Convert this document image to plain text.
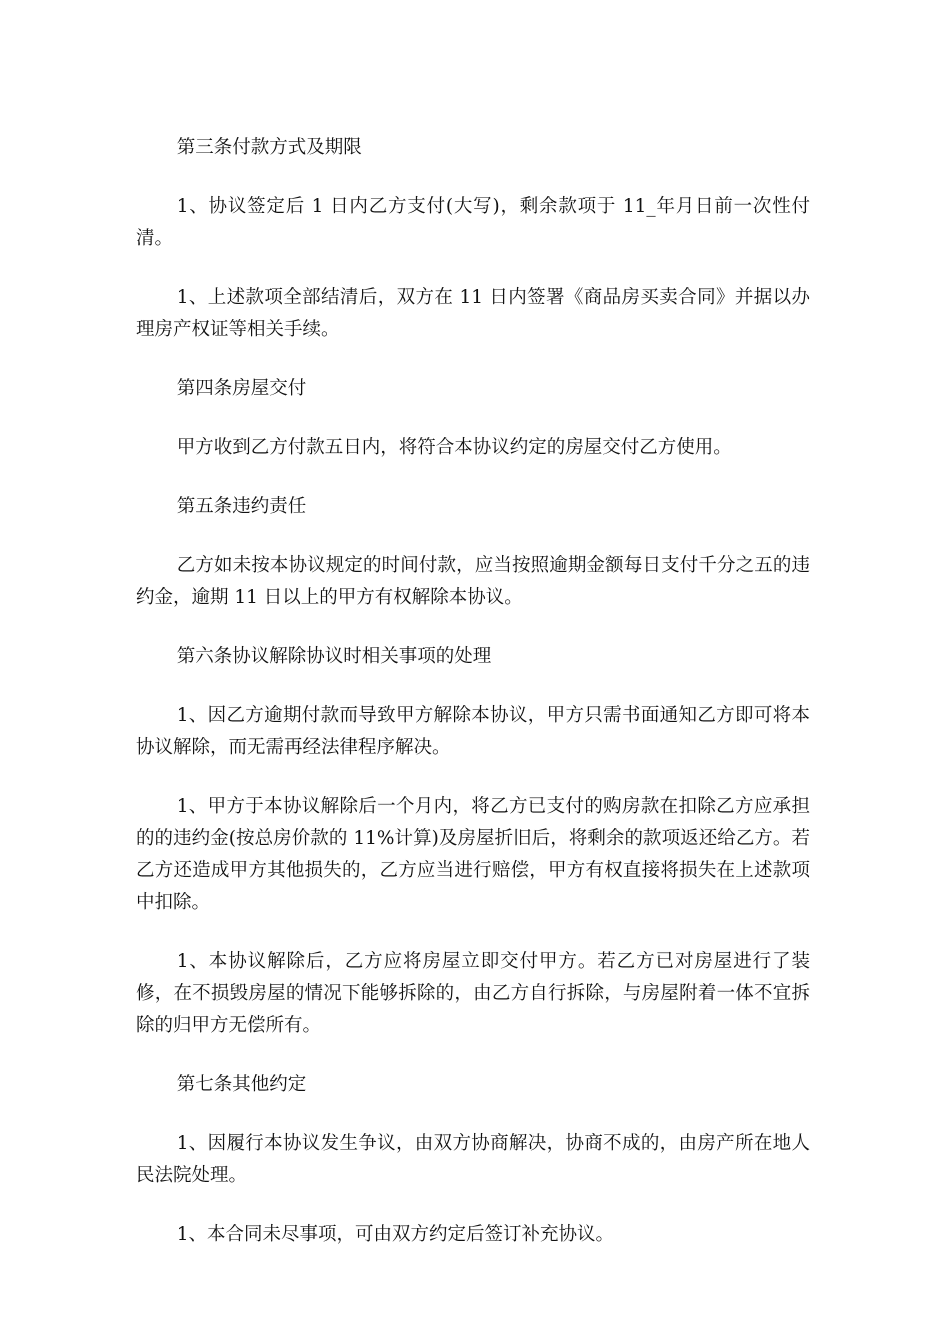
第三条付款方式及期限

1、协议签定后 1 日内乙方支付(大写)，剩余款项于 11_年月日前一次性付清。

1、上述款项全部结清后，双方在 11 日内签署《商品房买卖合同》并据以办理房产权证等相关手续。

第四条房屋交付

甲方收到乙方付款五日内，将符合本协议约定的房屋交付乙方使用。

第五条违约责任

乙方如未按本协议规定的时间付款，应当按照逾期金额每日支付千分之五的违约金，逾期 11 日以上的甲方有权解除本协议。

第六条协议解除协议时相关事项的处理

1、因乙方逾期付款而导致甲方解除本协议，甲方只需书面通知乙方即可将本协议解除，而无需再经法律程序解决。

1、甲方于本协议解除后一个月内，将乙方已支付的购房款在扣除乙方应承担的的违约金(按总房价款的 11%计算)及房屋折旧后，将剩余的款项返还给乙方。若乙方还造成甲方其他损失的，乙方应当进行赔偿，甲方有权直接将损失在上述款项中扣除。

1、本协议解除后，乙方应将房屋立即交付甲方。若乙方已对房屋进行了装修，在不损毁房屋的情况下能够拆除的，由乙方自行拆除，与房屋附着一体不宜拆除的归甲方无偿所有。

第七条其他约定

1、因履行本协议发生争议，由双方协商解决，协商不成的，由房产所在地人民法院处理。

1、本合同未尽事项，可由双方约定后签订补充协议。
